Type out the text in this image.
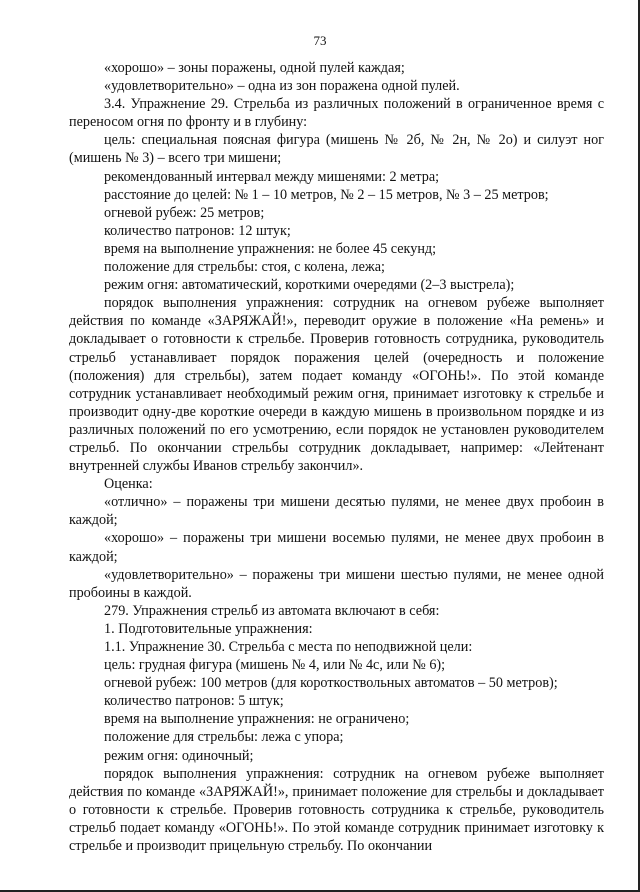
73

«хорошо» – зоны поражены, одной пулей каждая;

«удовлетворительно» – одна из зон поражена одной пулей.

3.4. Упражнение 29. Стрельба из различных положений в ограниченное время с переносом огня по фронту и в глубину:

цель: специальная поясная фигура (мишень № 2б, № 2н, № 2о) и силуэт ног (мишень № 3) – всего три мишени;

рекомендованный интервал между мишенями: 2 метра;

расстояние до целей: № 1 – 10 метров, № 2 – 15 метров, № 3 – 25 метров;

огневой рубеж: 25 метров;

количество патронов: 12 штук;

время на выполнение упражнения: не более 45 секунд;

положение для стрельбы: стоя, с колена, лежа;

режим огня: автоматический, короткими очередями (2–3 выстрела);

порядок выполнения упражнения: сотрудник на огневом рубеже выполняет действия по команде «ЗАРЯЖАЙ!», переводит оружие в положение «На ремень» и докладывает о готовности к стрельбе. Проверив готовность сотрудника, руководитель стрельб устанавливает порядок поражения целей (очередность и положение (положения) для стрельбы), затем подает команду «ОГОНЬ!». По этой команде сотрудник устанавливает необходимый режим огня, принимает изготовку к стрельбе и производит одну-две короткие очереди в каждую мишень в произвольном порядке и из различных положений по его усмотрению, если порядок не установлен руководителем стрельб. По окончании стрельбы сотрудник докладывает, например: «Лейтенант внутренней службы Иванов стрельбу закончил».

Оценка:

«отлично» – поражены три мишени десятью пулями, не менее двух пробоин в каждой;

«хорошо» – поражены три мишени восемью пулями, не менее двух пробоин в каждой;

«удовлетворительно» – поражены три мишени шестью пулями, не менее одной пробоины в каждой.

279. Упражнения стрельб из автомата включают в себя:

1. Подготовительные упражнения:

1.1. Упражнение 30. Стрельба с места по неподвижной цели:

цель: грудная фигура (мишень № 4, или № 4с, или № 6);

огневой рубеж: 100 метров (для короткоствольных автоматов – 50 метров);

количество патронов: 5 штук;

время на выполнение упражнения: не ограничено;

положение для стрельбы: лежа с упора;

режим огня: одиночный;

порядок выполнения упражнения: сотрудник на огневом рубеже выполняет действия по команде «ЗАРЯЖАЙ!», принимает положение для стрельбы и докладывает о готовности к стрельбе. Проверив готовность сотрудника к стрельбе, руководитель стрельб подает команду «ОГОНЬ!». По этой команде сотрудник принимает изготовку к стрельбе и производит прицельную стрельбу. По окончании
